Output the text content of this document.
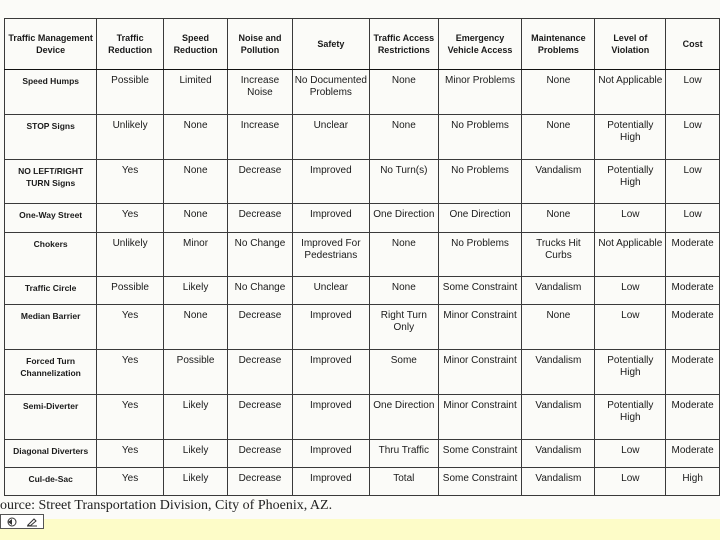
Traffic Management Device	Traffic Reduction	Speed Reduction	Noise and Pollution	Safety	Traffic Access Restrictions	Emergency Vehicle Access	Maintenance Problems	Level of Violation	Cost
Speed Humps	Possible	Limited	Increase Noise	No Documented Problems	None	Minor Problems	None	Not Applicable	Low
STOP Signs	Unlikely	None	Increase	Unclear	None	No Problems	None	Potentially High	Low
NO LEFT/RIGHT TURN Signs	Yes	None	Decrease	Improved	No Turn(s)	No Problems	Vandalism	Potentially High	Low
One-Way Street	Yes	None	Decrease	Improved	One Direction	One Direction	None	Low	Low
Chokers	Unlikely	Minor	No Change	Improved For Pedestrians	None	No Problems	Trucks Hit Curbs	Not Applicable	Moderate
Traffic Circle	Possible	Likely	No Change	Unclear	None	Some Constraint	Vandalism	Low	Moderate
Median Barrier	Yes	None	Decrease	Improved	Right Turn Only	Minor Constraint	None	Low	Moderate
Forced Turn Channelization	Yes	Possible	Decrease	Improved	Some	Minor Constraint	Vandalism	Potentially High	Moderate
Semi-Diverter	Yes	Likely	Decrease	Improved	One Direction	Minor Constraint	Vandalism	Potentially High	Moderate
Diagonal Diverters	Yes	Likely	Decrease	Improved	Thru Traffic	Some Constraint	Vandalism	Low	Moderate
Cul-de-Sac	Yes	Likely	Decrease	Improved	Total	Some Constraint	Vandalism	Low	High
ource: Street Transportation Division, City of Phoenix, AZ.
